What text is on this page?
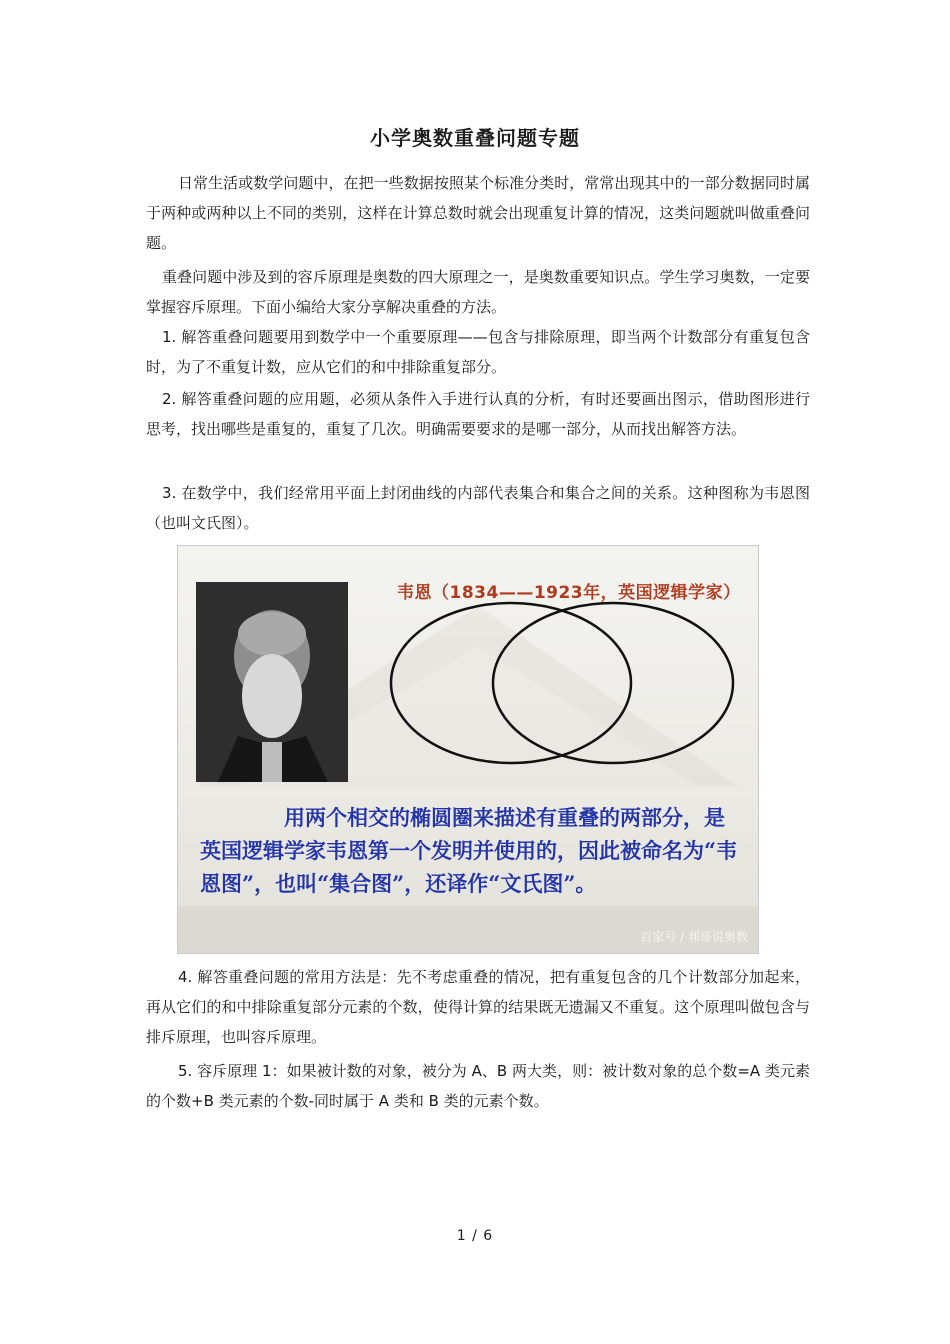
小学奥数重叠问题专题

日常生活或数学问题中，在把一些数据按照某个标准分类时，常常出现其中的一部分数据同时属于两种或两种以上不同的类别，这样在计算总数时就会出现重复计算的情况，这类问题就叫做重叠问题。

重叠问题中涉及到的容斥原理是奥数的四大原理之一，是奥数重要知识点。学生学习奥数，一定要掌握容斥原理。下面小编给大家分享解决重叠的方法。

1. 解答重叠问题要用到数学中一个重要原理——包含与排除原理，即当两个计数部分有重复包含时，为了不重复计数，应从它们的和中排除重复部分。

2. 解答重叠问题的应用题，必须从条件入手进行认真的分析，有时还要画出图示，借助图形进行思考，找出哪些是重复的，重复了几次。明确需要要求的是哪一部分，从而找出解答方法。

3. 在数学中，我们经常用平面上封闭曲线的内部代表集合和集合之间的关系。这种图称为韦恩图（也叫文氏图）。

韦恩（1834——1923年，英国逻辑学家）
用两个相交的椭圆圈来描述有重叠的两部分，是英国逻辑学家韦恩第一个发明并使用的，因此被命名为“韦恩图”，也叫“集合图”，还译作“文氏图”。
百家号 / 邦哥说奥数

4. 解答重叠问题的常用方法是：先不考虑重叠的情况，把有重复包含的几个计数部分加起来，再从它们的和中排除重复部分元素的个数，使得计算的结果既无遗漏又不重复。这个原理叫做包含与排斥原理，也叫容斥原理。

5. 容斥原理 1：如果被计数的对象，被分为 A、B 两大类，则：被计数对象的总个数=A 类元素的个数+B 类元素的个数-同时属于 A 类和 B 类的元素个数。

1 / 6
